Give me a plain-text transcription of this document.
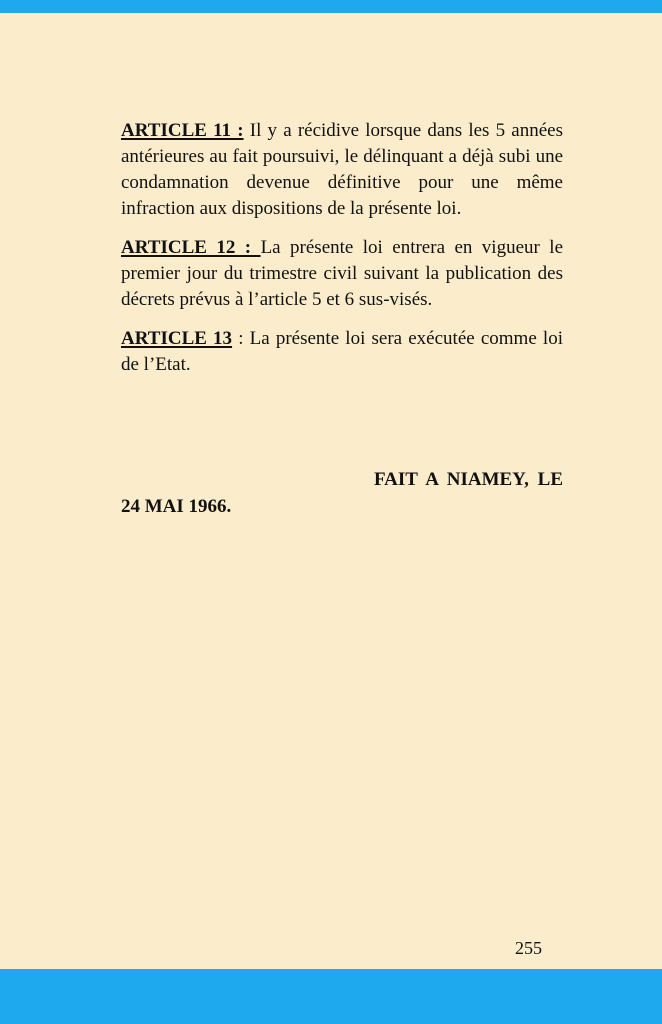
ARTICLE 11 : Il y a récidive lorsque dans les 5 années antérieures au fait poursuivi, le délinquant a déjà subi une condamnation devenue définitive pour une même infraction aux dispositions de la présente loi.

ARTICLE 12 : La présente loi entrera en vigueur le premier jour du trimestre civil suivant la publication des décrets prévus à l’article 5 et 6 sus-visés.

ARTICLE 13 : La présente loi sera exécutée comme loi de l’Etat.

FAIT A NIAMEY, LE
24 MAI 1966.
255
